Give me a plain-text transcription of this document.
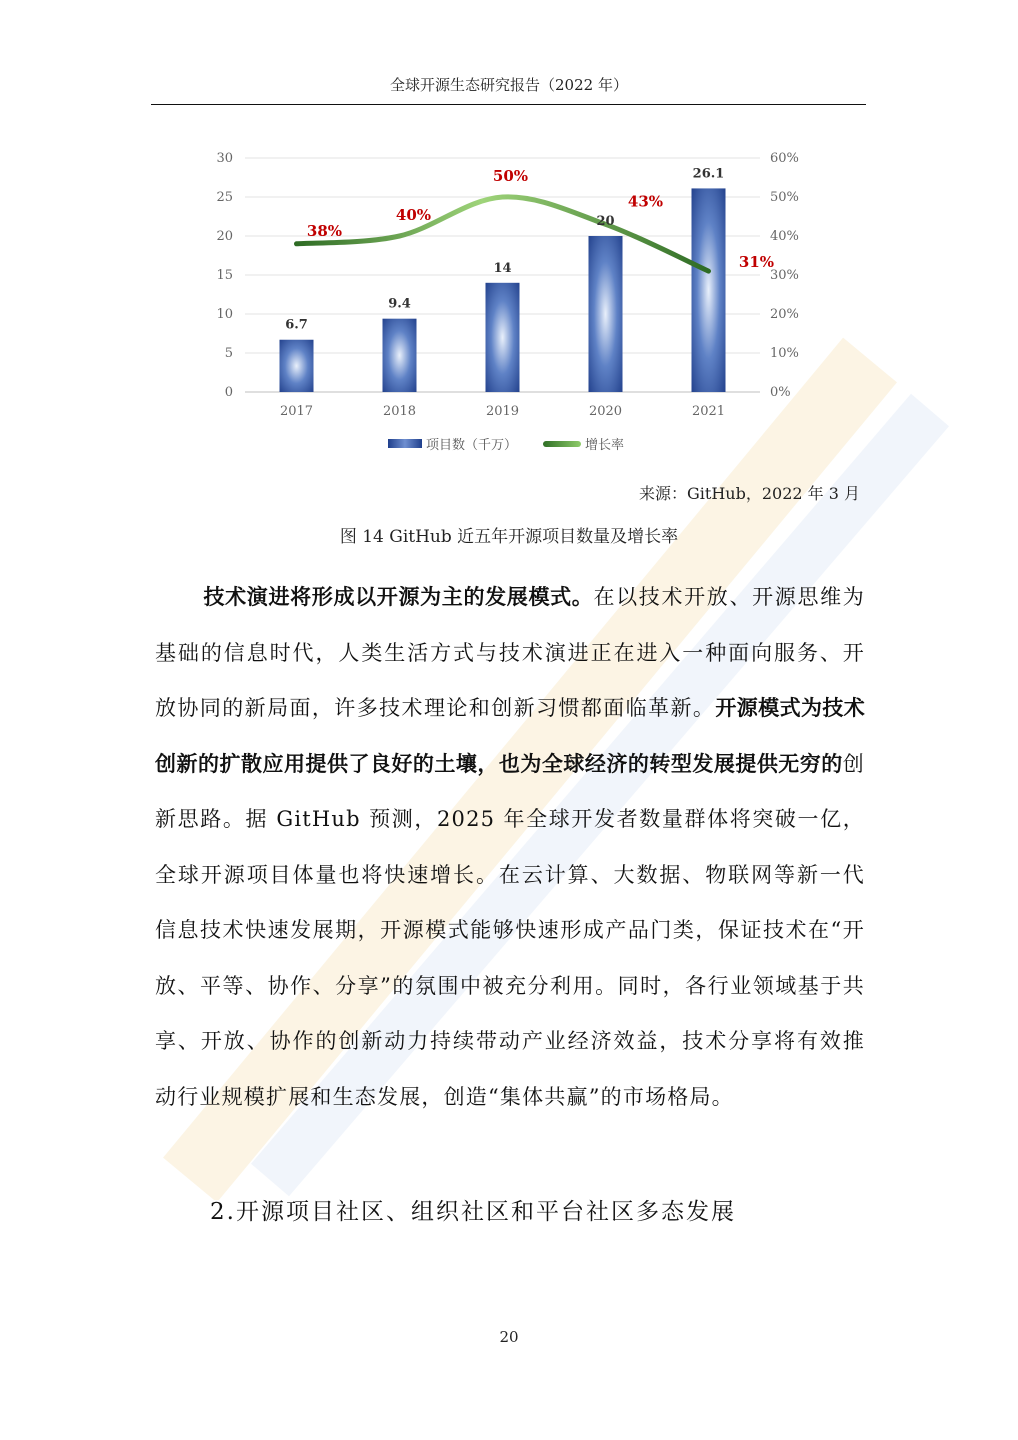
全球开源生态研究报告（2022 年）
0
5
10
15
20
25
30
0%
10%
20%
30%
40%
50%
60%
2017	2018	2019	2020	2021
6.7
9.4
14
20
26.1
38%
40%
50%
43%
31%
项目数（千万）	增长率
来源：GitHub，2022 年 3 月
图 14 GitHub 近五年开源项目数量及增长率
技术演进将形成以开源为主的发展模式。在以技术开放、开源思维为基础的信息时代，人类生活方式与技术演进正在进入一种面向服务、开放协同的新局面，许多技术理论和创新习惯都面临革新。开源模式为技术创新的扩散应用提供了良好的土壤，也为全球经济的转型发展提供无穷的创新思路。据 GitHub 预测，2025 年全球开发者数量群体将突破一亿，全球开源项目体量也将快速增长。在云计算、大数据、物联网等新一代信息技术快速发展期，开源模式能够快速形成产品门类，保证技术在“开放、平等、协作、分享”的氛围中被充分利用。同时，各行业领域基于共享、开放、协作的创新动力持续带动产业经济效益，技术分享将有效推动行业规模扩展和生态发展，创造“集体共赢”的市场格局。
2.开源项目社区、组织社区和平台社区多态发展
20
